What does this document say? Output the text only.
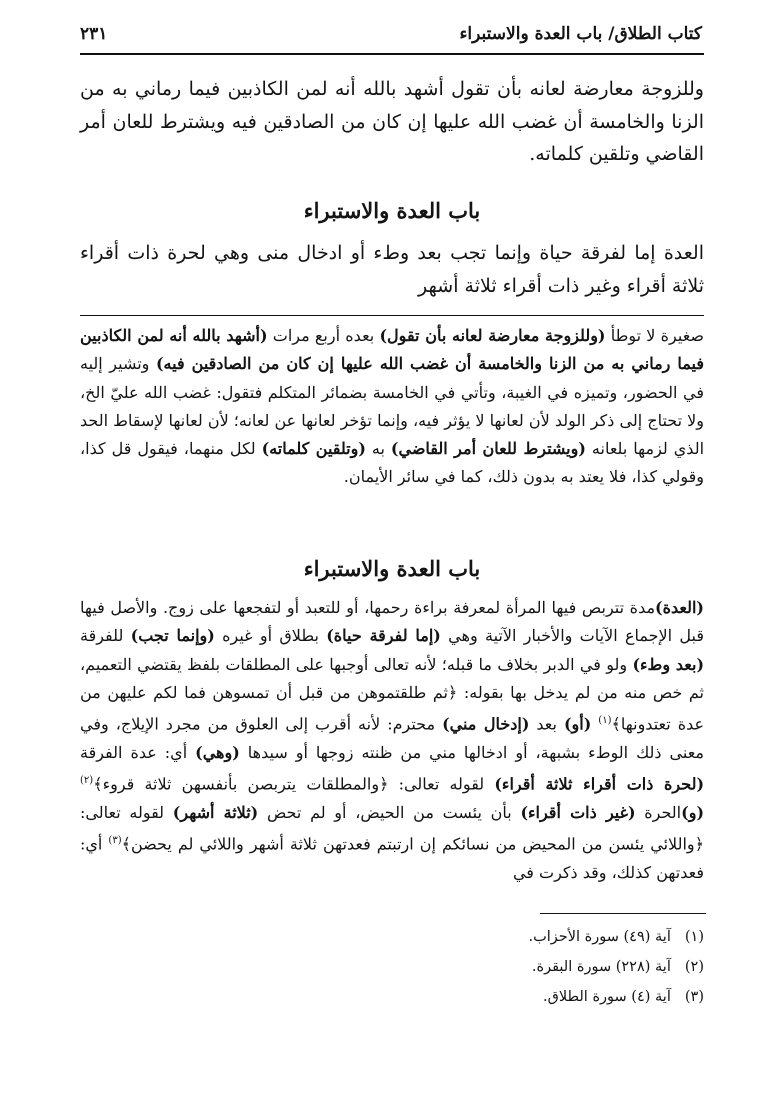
كتاب الطلاق/ باب العدة والاستبراء
٢٣١
وللزوجة معارضة لعانه بأن تقول أشهد بالله أنه لمن الكاذبين فيما رماني به من الزنا والخامسة أن غضب الله عليها إن كان من الصادقين فيه ويشترط للعان أمر القاضي وتلقين كلماته.
باب العدة والاستبراء
العدة إما لفرقة حياة وإنما تجب بعد وطء أو ادخال منى وهي لحرة ذات أقراء ثلاثة أقراء وغير ذات أقراء ثلاثة أشهر
صغيرة لا توطأ (وللزوجة معارضة لعانه بأن تقول) بعده أربع مرات (أشهد بالله أنه لمن الكاذبين فيما رماني به من الزنا والخامسة أن غضب الله عليها إن كان من الصادقين فيه) وتشير إليه في الحضور، وتميزه في الغيبة، وتأتي في الخامسة بضمائر المتكلم فتقول: غضب الله عليّ الخ، ولا تحتاج إلى ذكر الولد لأن لعانها لا يؤثر فيه، وإنما تؤخر لعانها عن لعانه؛ لأن لعانها لإسقاط الحد الذي لزمها بلعانه (ويشترط للعان أمر القاضي) به (وتلقين كلماته) لكل منهما، فيقول قل كذا، وقولي كذا، فلا يعتد به بدون ذلك، كما في سائر الأيمان.
باب العدة والاستبراء
(العدة)مدة تتربص فيها المرأة لمعرفة براءة رحمها، أو للتعبد أو لتفجعها على زوج. والأصل فيها قبل الإجماع الآيات والأخبار الآتية وهي (إما لفرقة حياة) بطلاق أو غيره (وإنما تجب) للفرقة (بعد وطء) ولو في الدبر بخلاف ما قبله؛ لأنه تعالى أوجبها على المطلقات بلفظ يقتضي التعميم، ثم خص منه من لم يدخل بها بقوله: ﴿ثم طلقتموهن من قبل أن تمسوهن فما لكم عليهن من عدة تعتدونها﴾$^{(١)}$ (أو) بعد (إدخال مني) محترم: لأنه أقرب إلى العلوق من مجرد الإيلاج، وفي معنى ذلك الوطء بشبهة، أو ادخالها مني من ظنته زوجها أو سيدها (وهي) أي: عدة الفرقة (لحرة ذات أقراء ثلاثة أقراء) لقوله تعالى: ﴿والمطلقات يتربصن بأنفسهن ثلاثة قروء﴾$^{(٢)}$ (و)الحرة (غير ذات أقراء) بأن يئست من الحيض، أو لم تحض (ثلاثة أشهر) لقوله تعالى: ﴿واللائي يئسن من المحيض من نسائكم إن ارتبتم فعدتهن ثلاثة أشهر واللائي لم يحضن﴾$^{(٣)}$ أي: فعدتهن كذلك، وقد ذكرت في
(١)آية (٤٩) سورة الأحزاب.
(٢)آية (٢٢٨) سورة البقرة.
(٣)آية (٤) سورة الطلاق.
